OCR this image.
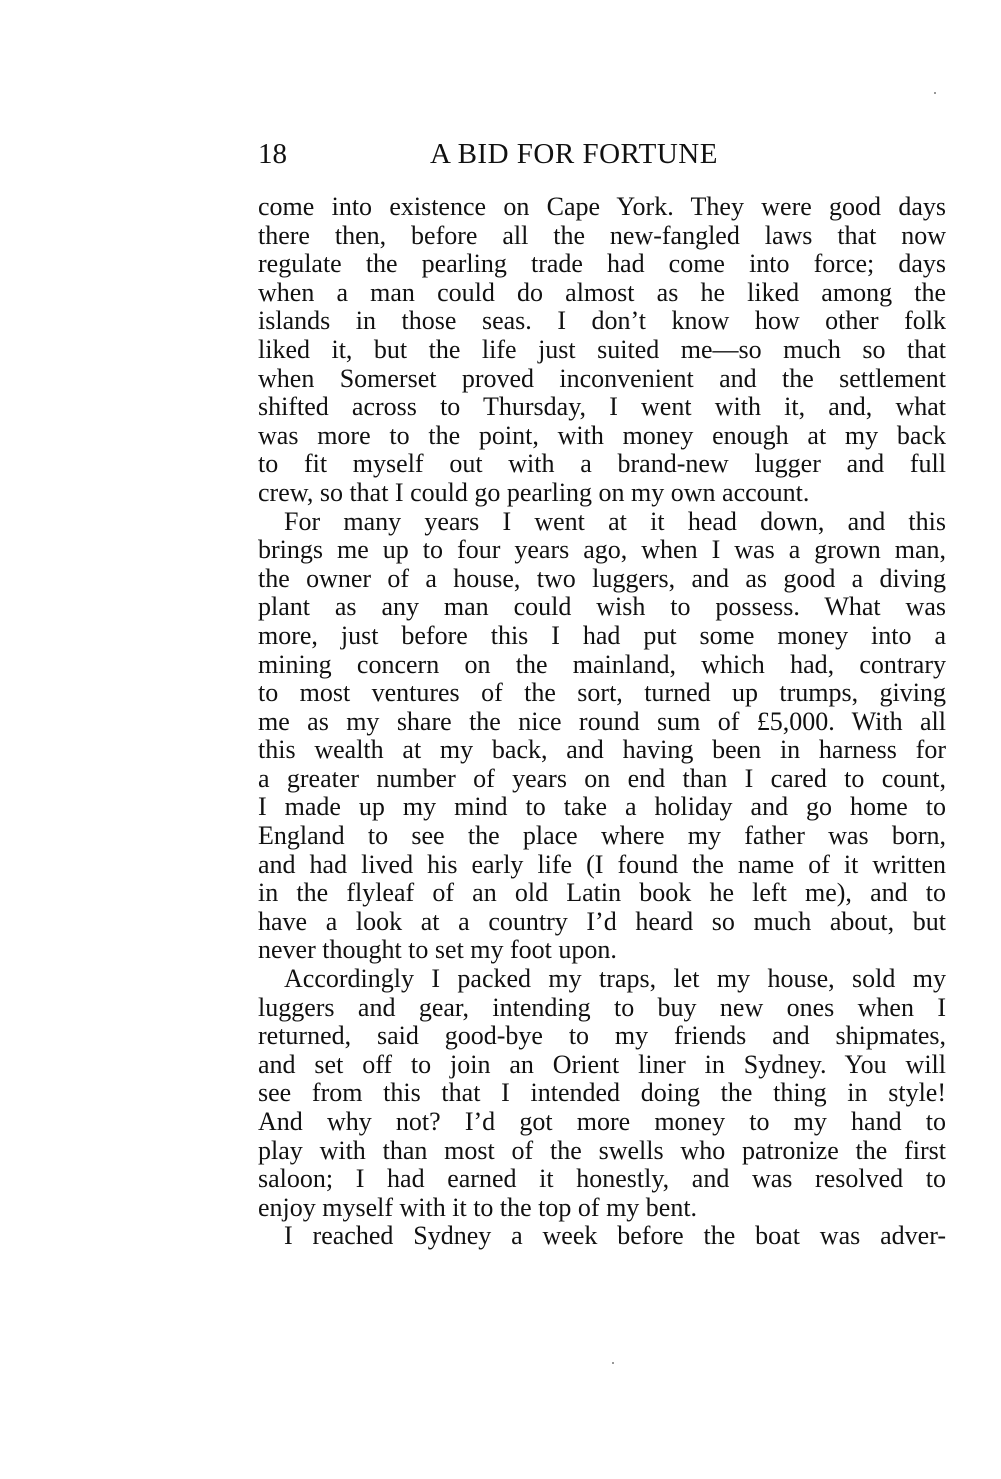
18	A BID FOR FORTUNE
come into existence on Cape York. They were good days
there then, before all the new-fangled laws that now
regulate the pearling trade had come into force; days
when a man could do almost as he liked among the
islands in those seas. I don’t know how other folk
liked it, but the life just suited me—so much so that
when Somerset proved inconvenient and the settlement
shifted across to Thursday, I went with it, and, what
was more to the point, with money enough at my back
to fit myself out with a brand-new lugger and full
crew, so that I could go pearling on my own account.
For many years I went at it head down, and this
brings me up to four years ago, when I was a grown man,
the owner of a house, two luggers, and as good a diving
plant as any man could wish to possess. What was
more, just before this I had put some money into a
mining concern on the mainland, which had, contrary
to most ventures of the sort, turned up trumps, giving
me as my share the nice round sum of £5,000. With all
this wealth at my back, and having been in harness for
a greater number of years on end than I cared to count,
I made up my mind to take a holiday and go home to
England to see the place where my father was born,
and had lived his early life (I found the name of it written
in the flyleaf of an old Latin book he left me), and to
have a look at a country I’d heard so much about, but
never thought to set my foot upon.
Accordingly I packed my traps, let my house, sold my
luggers and gear, intending to buy new ones when I
returned, said good-bye to my friends and shipmates,
and set off to join an Orient liner in Sydney. You will
see from this that I intended doing the thing in style!
And why not? I’d got more money to my hand to
play with than most of the swells who patronize the first
saloon; I had earned it honestly, and was resolved to
enjoy myself with it to the top of my bent.
I reached Sydney a week before the boat was adver-
